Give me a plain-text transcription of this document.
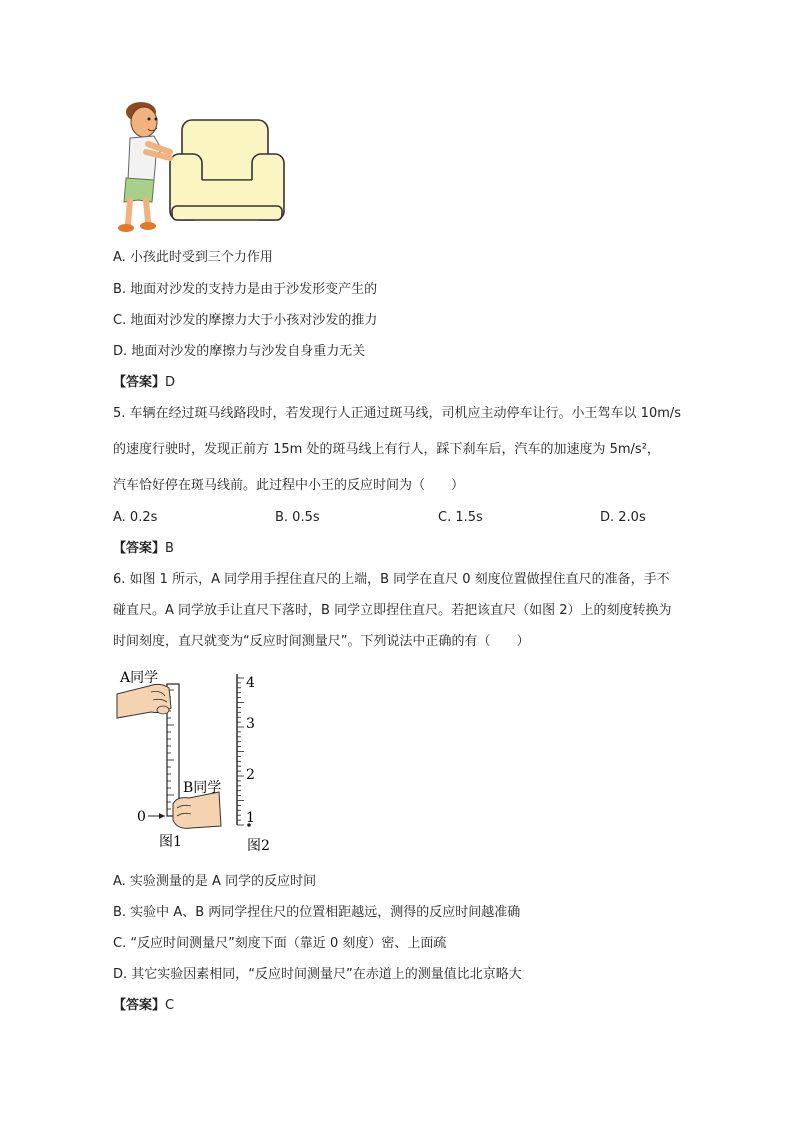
A. 小孩此时受到三个力作用
B. 地面对沙发的支持力是由于沙发形变产生的
C. 地面对沙发的摩擦力大于小孩对沙发的推力
D. 地面对沙发的摩擦力与沙发自身重力无关
【答案】D
5. 车辆在经过斑马线路段时，若发现行人正通过斑马线，司机应主动停车让行。小王驾车以 10m/s
的速度行驶时，发现正前方 15m 处的斑马线上有行人，踩下刹车后，汽车的加速度为 5m/s²，
汽车恰好停在斑马线前。此过程中小王的反应时间为（　　）
A. 0.2s	B. 0.5s	C. 1.5s	D. 2.0s
【答案】B
6. 如图 1 所示，A 同学用手捏住直尺的上端，B 同学在直尺 0 刻度位置做捏住直尺的准备，手不
碰直尺。A 同学放手让直尺下落时，B 同学立即捏住直尺。若把该直尺（如图 2）上的刻度转换为
时间刻度，直尺就变为“反应时间测量尺”。下列说法中正确的有（　　）
A同学
B同学
0
图1
4
3
2
1
图2
A. 实验测量的是 A 同学的反应时间
B. 实验中 A、B 两同学捏住尺的位置相距越远，测得的反应时间越准确
C. “反应时间测量尺”刻度下面（靠近 0 刻度）密、上面疏
D. 其它实验因素相同，“反应时间测量尺”在赤道上的测量值比北京略大
【答案】C
